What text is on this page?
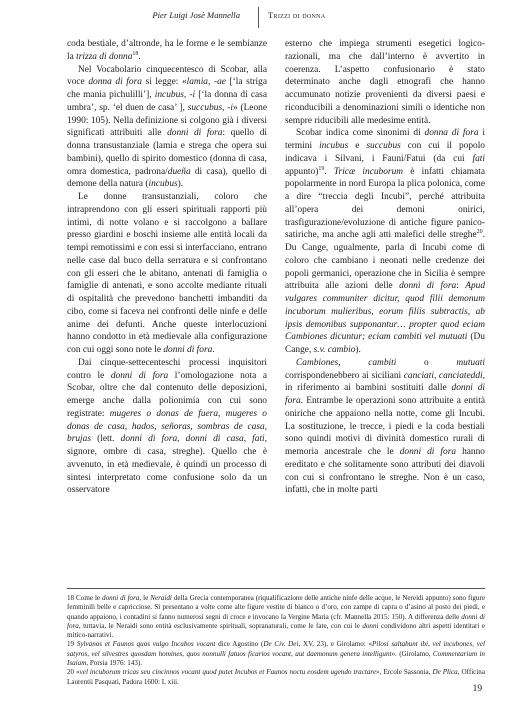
Pier Luigi Josè Mannella	Trizzi di donna

coda bestiale, d’altronde, ha le forme e le sembianze la trizza di donna$^{18}$.

Nel Vocabolario cinquecentesco di Scobar, alla voce donna di fora si legge: «lamia, -ae [‘la striga che mania pichulilli’], incubus, -i [‘la donna di casa umbra’, sp. ‘el duen de casa’ ], succubus, -i» (Leone 1990: 105). Nella definizione si colgono già i diversi significati attribuiti alle donni di fora: quello di donna transustanziale (lamia e strega che opera sui bambini), quello di spirito domestico (donna di casa, omra domestica, padrona/dueña di casa), quello di demone della natura (incubus).

Le donne transustanziali, coloro che intraprendono con gli esseri spirituali rapporti più intimi, di notte volano e si raccolgono a ballare presso giardini e boschi insieme alle entità locali da tempi remotissimi e con essi si interfacciano, entrano nelle case dal buco della serratura e si confrontano con gli esseri che le abitano, antenati di famiglia o famiglie di antenati, e sono accolte mediante rituali di ospitalità che prevedono banchetti imbanditi da cibo, come si faceva nei confronti delle ninfe e delle anime dei defunti. Anche queste interlocuzioni hanno condotto in età medievale alla configurazione con cui oggi sono note le donni di fora.

Dai cinque-settecenteschi processi inquisitori contro le donni di fora l’omologazione nota a Scobar, oltre che dal contenuto delle deposizioni, emerge anche dalla polionimia con cui sono registrate: mugeres o donas de fuera, mugeres o donas de casa, hados, señoras, sombras de casa, brujas (lett. donni di fora, donni di casa, fati, signore, ombre di casa, streghe). Quello che è avvenuto, in età medievale, è quindi un processo di sintesi interpretato come confusione solo da un osservatore

esterno che impiega strumenti esegetici logico-razionali, ma che dall’interno è avvertito in coerenza. L’aspetto confusionario è stato determinato anche dagli etnografi che hanno accumunato notizie provenienti da diversi paesi e riconducibili a denominazioni simili o identiche non sempre riducibili alle medesime entità.

Scobar indica come sinonimi di donna di fora i termini incubus e succubus con cui il popolo indicava i Silvani, i Fauni/Fatui (da cui fati appunto)$^{19}$. Tricæ incuborum è infatti chiamata popolarmente in nord Europa la plica polonica, come a dire “treccia degli Incubi”, perché attribuita all’opera dei demoni onirici, trasfigurazione/evoluzione di antiche figure panico-satiriche, ma anche agli atti malefici delle streghe$^{20}$. Du Cange, ugualmente, parla di Incubi come di coloro che cambiano i neonati nelle credenze dei popoli germanici, operazione che in Sicilia è sempre attribuita alle azioni delle donni di fora: Apud vulgares communiter dicitur, quod filii demonum incuborum mulieribus, eorum filiis subtractis, ab ipsis demonibus supponantur… propter quod eciam Cambiones dicuntur; eciam cambiti vel mutuati (Du Cange, s.v. cambio).

Cambiones, cambiti o mutuati corrispondenebbero ai siciliani canciati, canciateddi, in riferimento ai bambini sostituiti dalle donni di fora. Entrambe le operazioni sono attribuite a entità oniriche che appaiono nella notte, come gli Incubi. La sostituzione, le trecce, i piedi e la coda bestiali sono quindi motivi di divinità domestico rurali di memoria ancestrale che le donni di fora hanno ereditato e che solitamente sono attributi dei diavoli con cui si confrontano le streghe. Non è un caso, infatti, che in molte parti

18 Come le donni di fora, le Neraidi della Grecia contemporanea (riqualificazione delle antiche ninfe delle acque, le Nereidi appunto) sono figure femminili belle e capricciose. Si presentano a volte come alte figure vestite di bianco o d’oro, con zampe di capra o d’asino al posto dei piedi, e quando appaiono, i contadini si fanno numerosi segni di croce e invocano la Vergine Maria (cfr. Mannella 2015: 150). A differenza delle donni di fora, tuttavia, le Neraidi sono entità esclusivamente spirituali, sopranaturali, come le fate, con cui le donni condividono altri aspetti identitari e mitico-narrativi.

19 Sylvanos et Faunos quos vulgo Incubos vocant dice Agostino (De Civ. Dei, XV, 23), e Girolamo: «Pilosi saltabunt ibi, vel incubones, vel satyros, vel silvestres quosdam homines, quos nonnulli fatuos ficarios vocant, aut daemonum genera intelligunt». (Girolamo, Commentarium in Isaiam, Porsia 1976: 143).

20 «vel incuborum tricas seu cincinnos vocant quod putet Incubos et Faunos noctu eosdem ugendo tractare», Ercole Sassonia, De Plica, Officina Laurentii Pasquati, Padora 1600: I, xiii.

19
